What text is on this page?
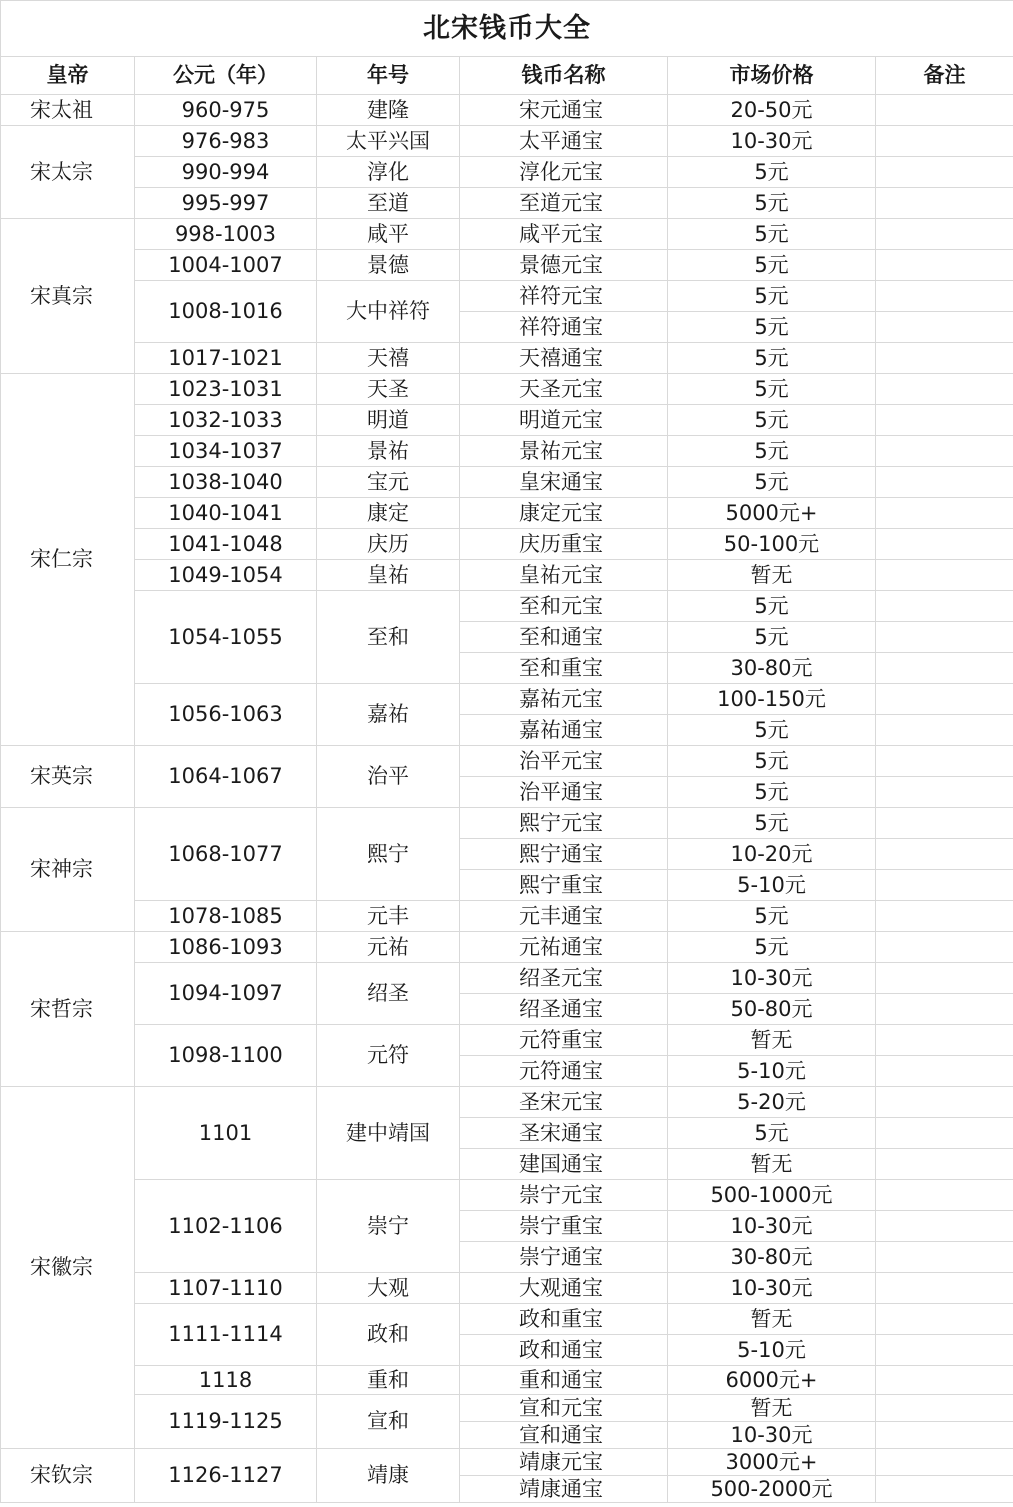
北宋钱币大全					
皇帝	公元（年）	年号	钱币名称	市场价格	备注
宋太祖	960-975	建隆	宋元通宝	20-50元	
宋太宗	976-983	太平兴国	太平通宝	10-30元	
	990-994	淳化	淳化元宝	5元	
	995-997	至道	至道元宝	5元	
宋真宗	998-1003	咸平	咸平元宝	5元	
	1004-1007	景德	景德元宝	5元	
	1008-1016	大中祥符	祥符元宝	5元	
			祥符通宝	5元	
	1017-1021	天禧	天禧通宝	5元	
宋仁宗	1023-1031	天圣	天圣元宝	5元	
	1032-1033	明道	明道元宝	5元	
	1034-1037	景祐	景祐元宝	5元	
	1038-1040	宝元	皇宋通宝	5元	
	1040-1041	康定	康定元宝	5000元+	
	1041-1048	庆历	庆历重宝	50-100元	
	1049-1054	皇祐	皇祐元宝	暂无	
	1054-1055	至和	至和元宝	5元	
			至和通宝	5元	
			至和重宝	30-80元	
	1056-1063	嘉祐	嘉祐元宝	100-150元	
			嘉祐通宝	5元	
宋英宗	1064-1067	治平	治平元宝	5元	
			治平通宝	5元	
宋神宗	1068-1077	熙宁	熙宁元宝	5元	
			熙宁通宝	10-20元	
			熙宁重宝	5-10元	
	1078-1085	元丰	元丰通宝	5元	
宋哲宗	1086-1093	元祐	元祐通宝	5元	
	1094-1097	绍圣	绍圣元宝	10-30元	
			绍圣通宝	50-80元	
	1098-1100	元符	元符重宝	暂无	
			元符通宝	5-10元	
宋徽宗	1101	建中靖国	圣宋元宝	5-20元	
			圣宋通宝	5元	
			建国通宝	暂无	
	1102-1106	崇宁	崇宁元宝	500-1000元	
			崇宁重宝	10-30元	
			崇宁通宝	30-80元	
	1107-1110	大观	大观通宝	10-30元	
	1111-1114	政和	政和重宝	暂无	
			政和通宝	5-10元	
	1118	重和	重和通宝	6000元+	
	1119-1125	宣和	宣和元宝	暂无	
			宣和通宝	10-30元	
宋钦宗	1126-1127	靖康	靖康元宝	3000元+	
			靖康通宝	500-2000元	
